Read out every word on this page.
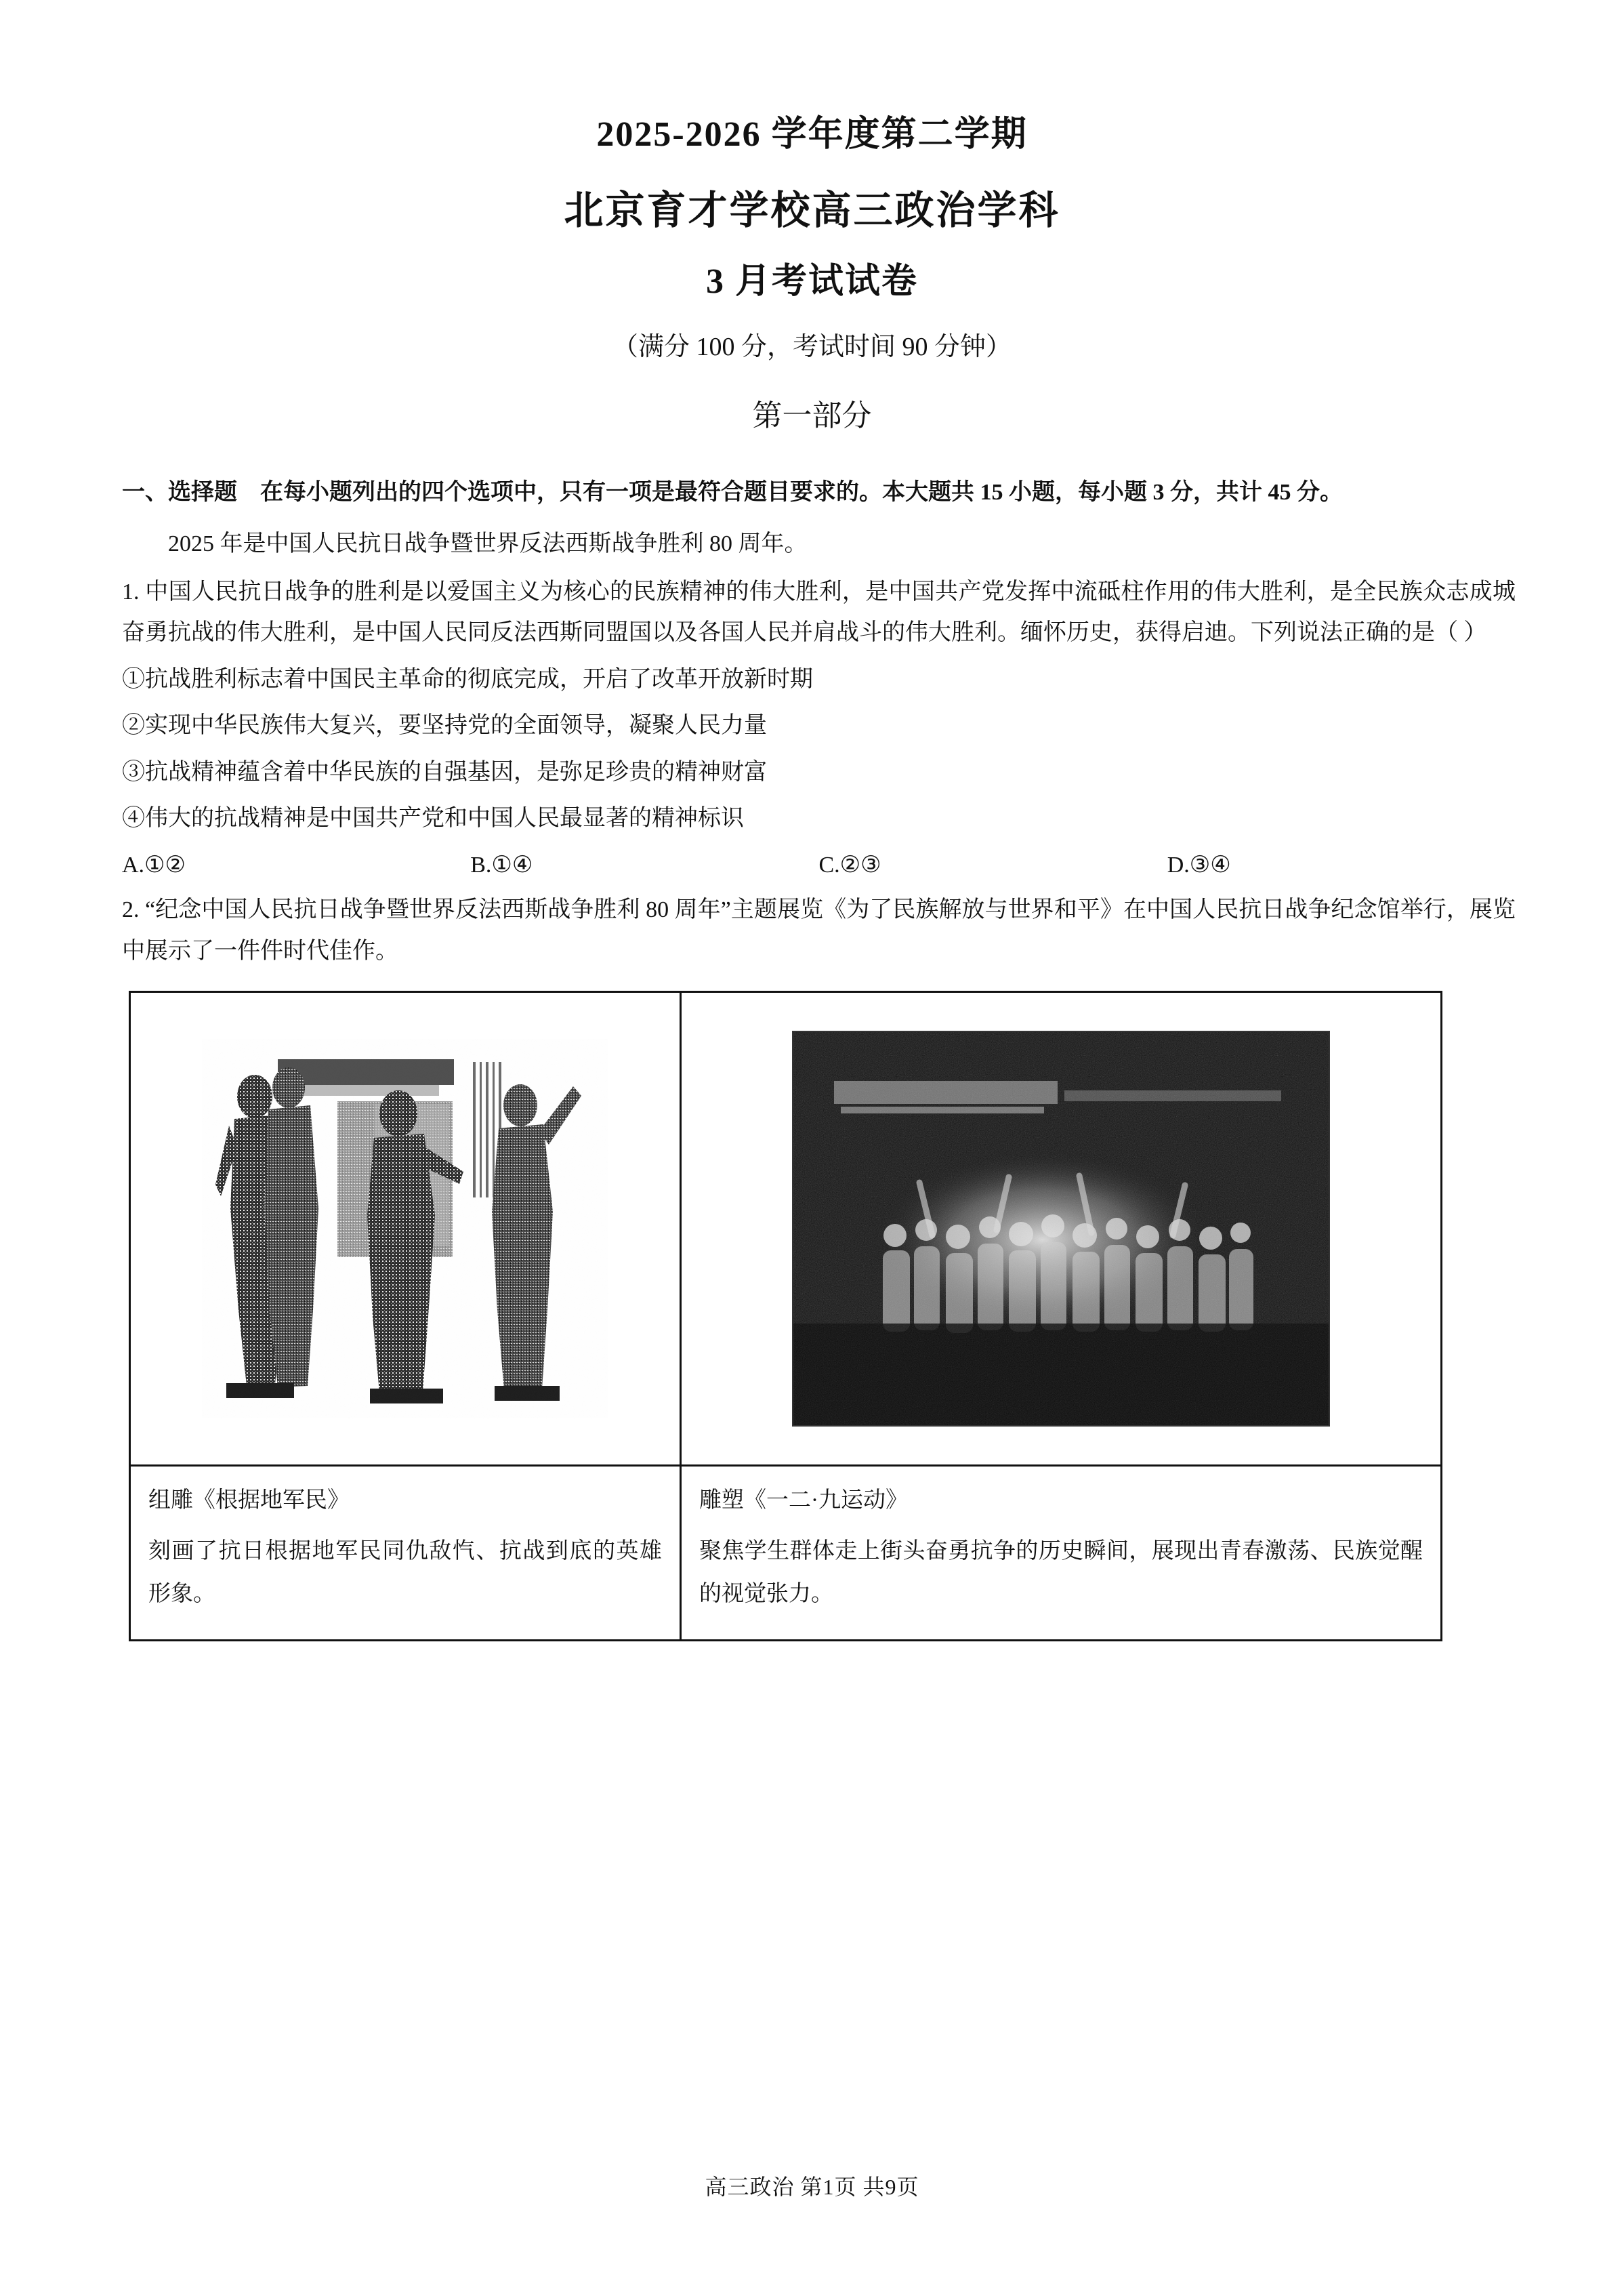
2025-2026 学年度第二学期
北京育才学校高三政治学科
3 月考试试卷
（满分 100 分，考试时间 90 分钟）
第一部分

一、选择题 在每小题列出的四个选项中，只有一项是最符合题目要求的。本大题共 15 小题，每小题 3 分，共计 45 分。

2025 年是中国人民抗日战争暨世界反法西斯战争胜利 80 周年。

1. 中国人民抗日战争的胜利是以爱国主义为核心的民族精神的伟大胜利，是中国共产党发挥中流砥柱作用的伟大胜利，是全民族众志成城奋勇抗战的伟大胜利，是中国人民同反法西斯同盟国以及各国人民并肩战斗的伟大胜利。缅怀历史，获得启迪。下列说法正确的是（ ）

①抗战胜利标志着中国民主革命的彻底完成，开启了改革开放新时期

②实现中华民族伟大复兴，要坚持党的全面领导，凝聚人民力量

③抗战精神蕴含着中华民族的自强基因，是弥足珍贵的精神财富

④伟大的抗战精神是中国共产党和中国人民最显著的精神标识

A.①②	B.①④	C.②③	D.③④

2. “纪念中国人民抗日战争暨世界反法西斯战争胜利 80 周年”主题展览《为了民族解放与世界和平》在中国人民抗日战争纪念馆举行，展览中展示了一件件时代佳作。

组雕《根据地军民》
刻画了抗日根据地军民同仇敌忾、抗战到底的英雄形象。

雕塑《一二·九运动》
聚焦学生群体走上街头奋勇抗争的历史瞬间，展现出青春激荡、民族觉醒的视觉张力。
高三政治 第1页 共9页
